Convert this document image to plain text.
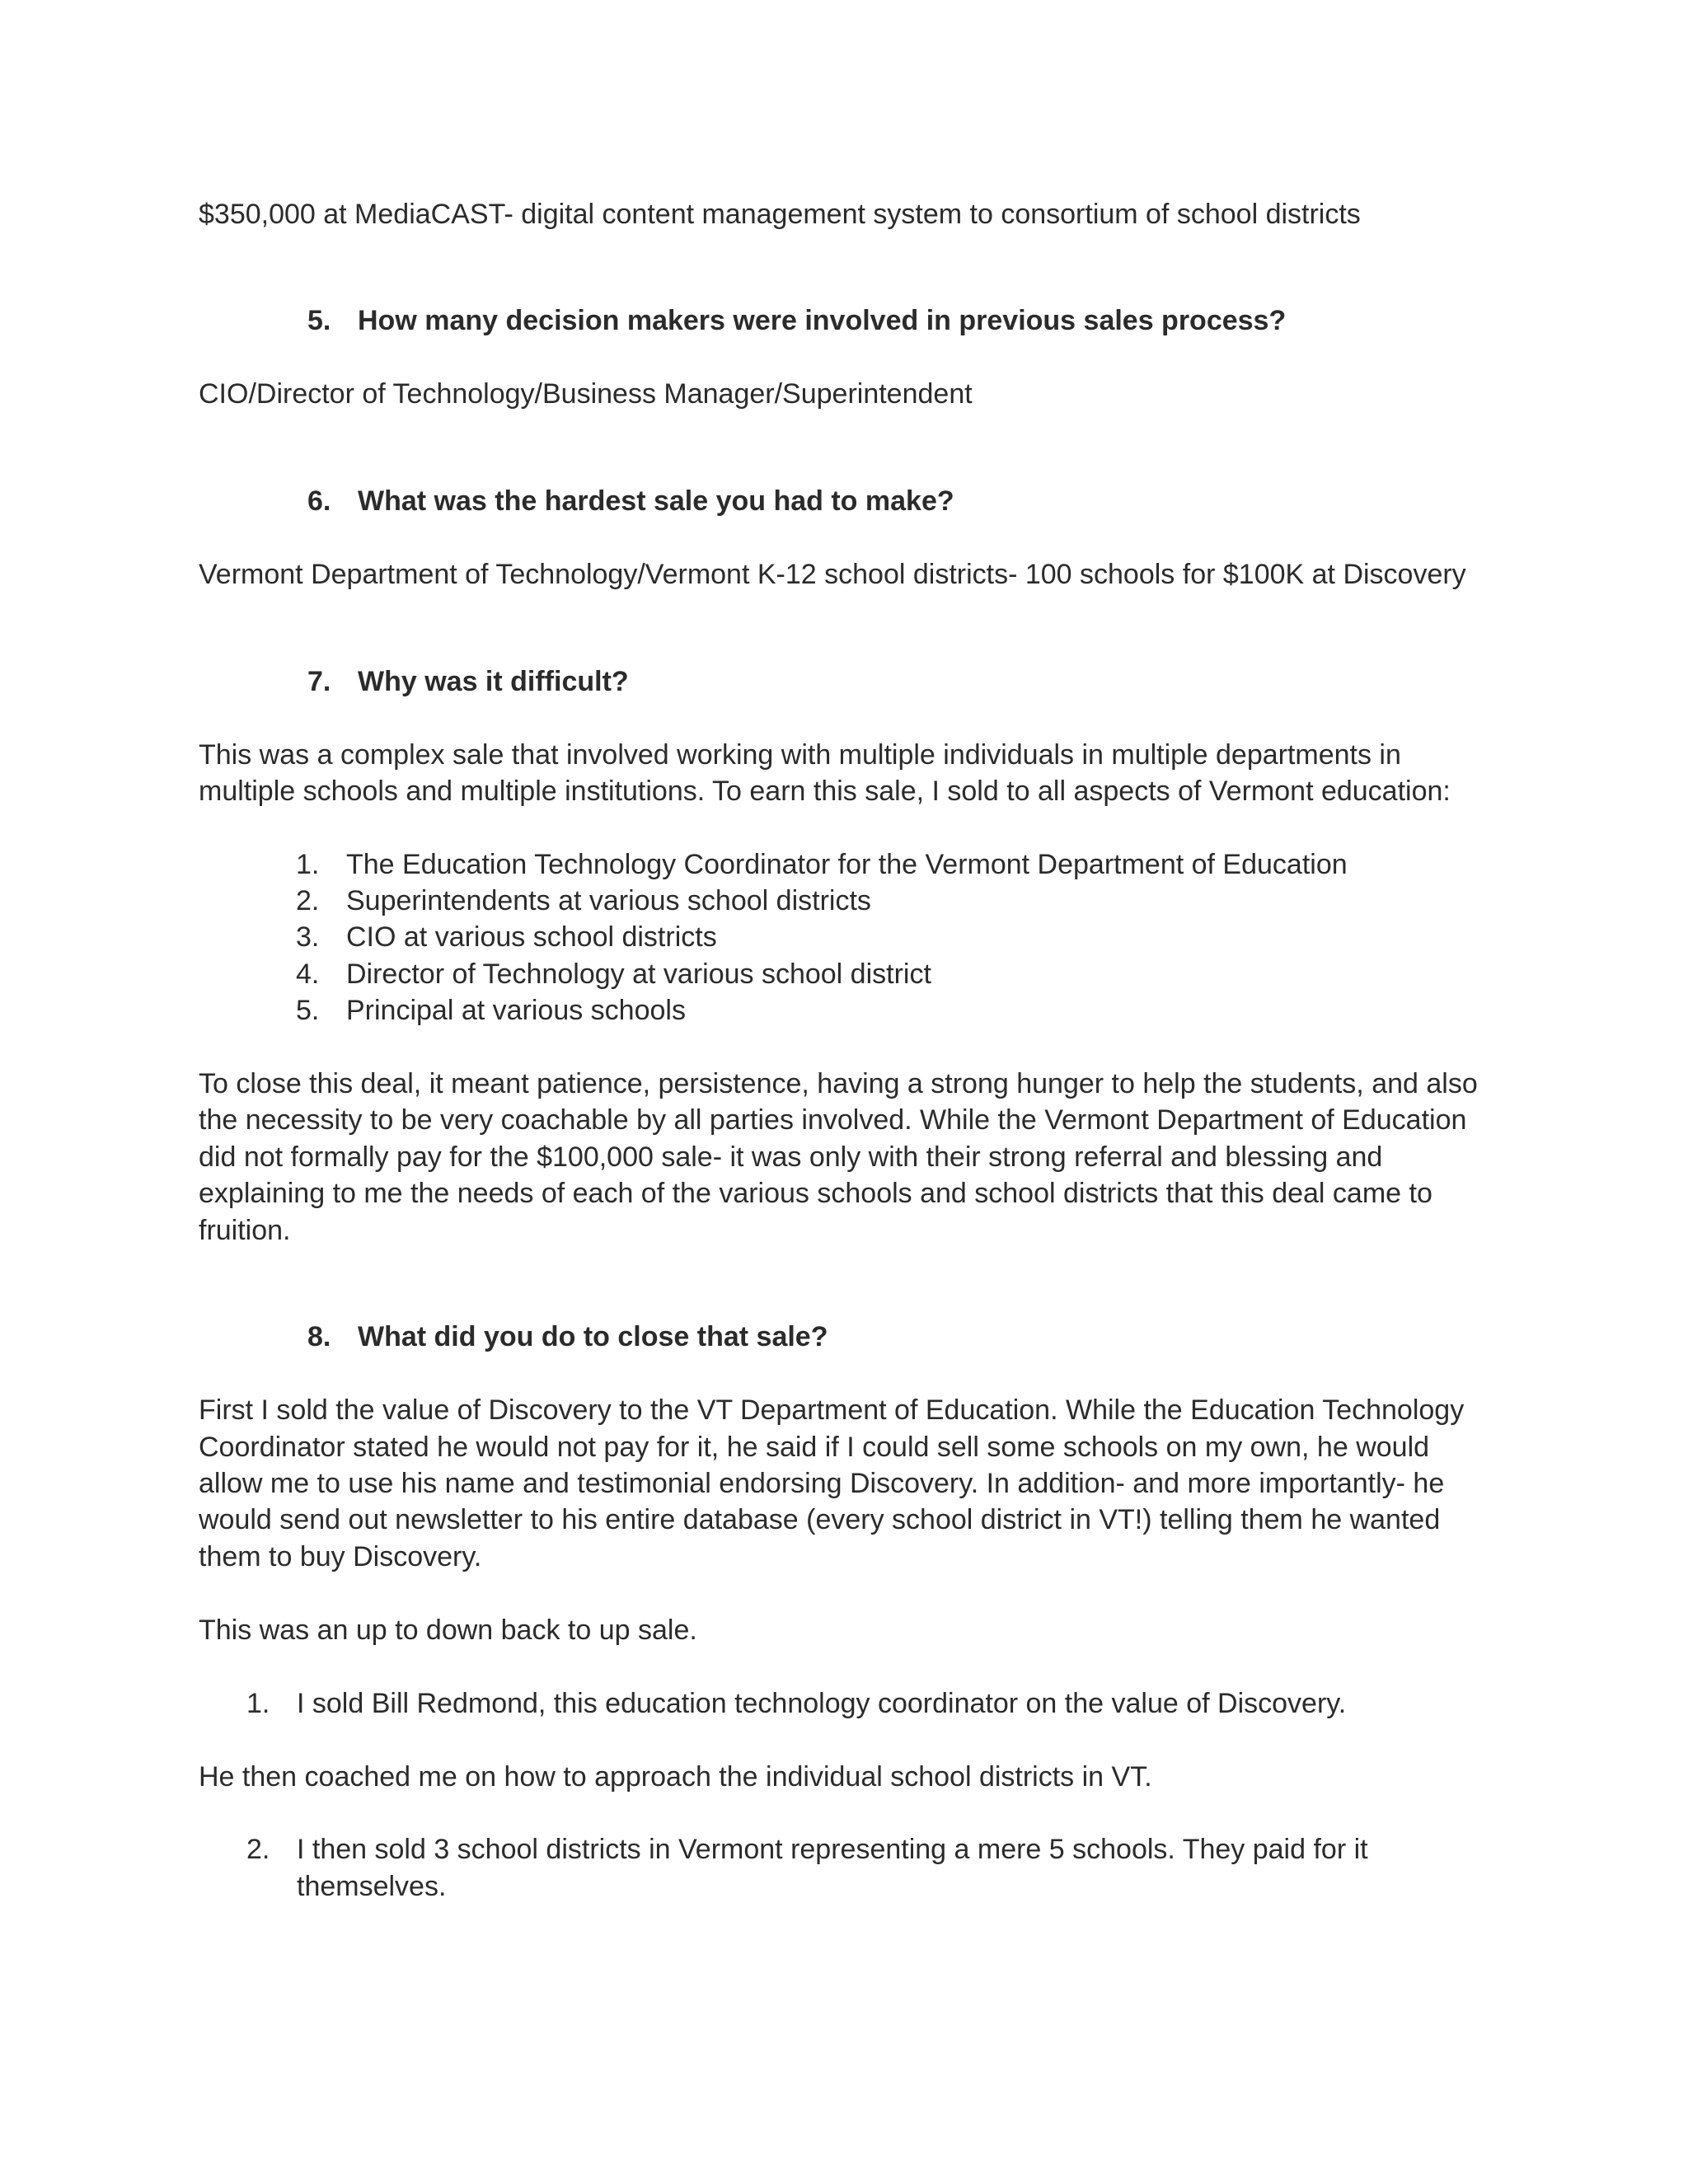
$350,000 at MediaCAST- digital content management system to consortium of school districts

5. How many decision makers were involved in previous sales process?

CIO/Director of Technology/Business Manager/Superintendent

6. What was the hardest sale you had to make?

Vermont Department of Technology/Vermont K-12 school districts- 100 schools for $100K at Discovery

7. Why was it difficult?

This was a complex sale that involved working with multiple individuals in multiple departments in

multiple schools and multiple institutions. To earn this sale, I sold to all aspects of Vermont education:

1. The Education Technology Coordinator for the Vermont Department of Education

2. Superintendents at various school districts

3. CIO at various school districts

4. Director of Technology at various school district

5. Principal at various schools

To close this deal, it meant patience, persistence, having a strong hunger to help the students, and also

the necessity to be very coachable by all parties involved. While the Vermont Department of Education

did not formally pay for the $100,000 sale- it was only with their strong referral and blessing and

explaining to me the needs of each of the various schools and school districts that this deal came to

fruition.

8. What did you do to close that sale?

First I sold the value of Discovery to the VT Department of Education. While the Education Technology

Coordinator stated he would not pay for it, he said if I could sell some schools on my own, he would

allow me to use his name and testimonial endorsing Discovery. In addition- and more importantly- he

would send out newsletter to his entire database (every school district in VT!) telling them he wanted

them to buy Discovery.

This was an up to down back to up sale.

1. I sold Bill Redmond, this education technology coordinator on the value of Discovery.

He then coached me on how to approach the individual school districts in VT.

2. I then sold 3 school districts in Vermont representing a mere 5 schools. They paid for it

themselves.
